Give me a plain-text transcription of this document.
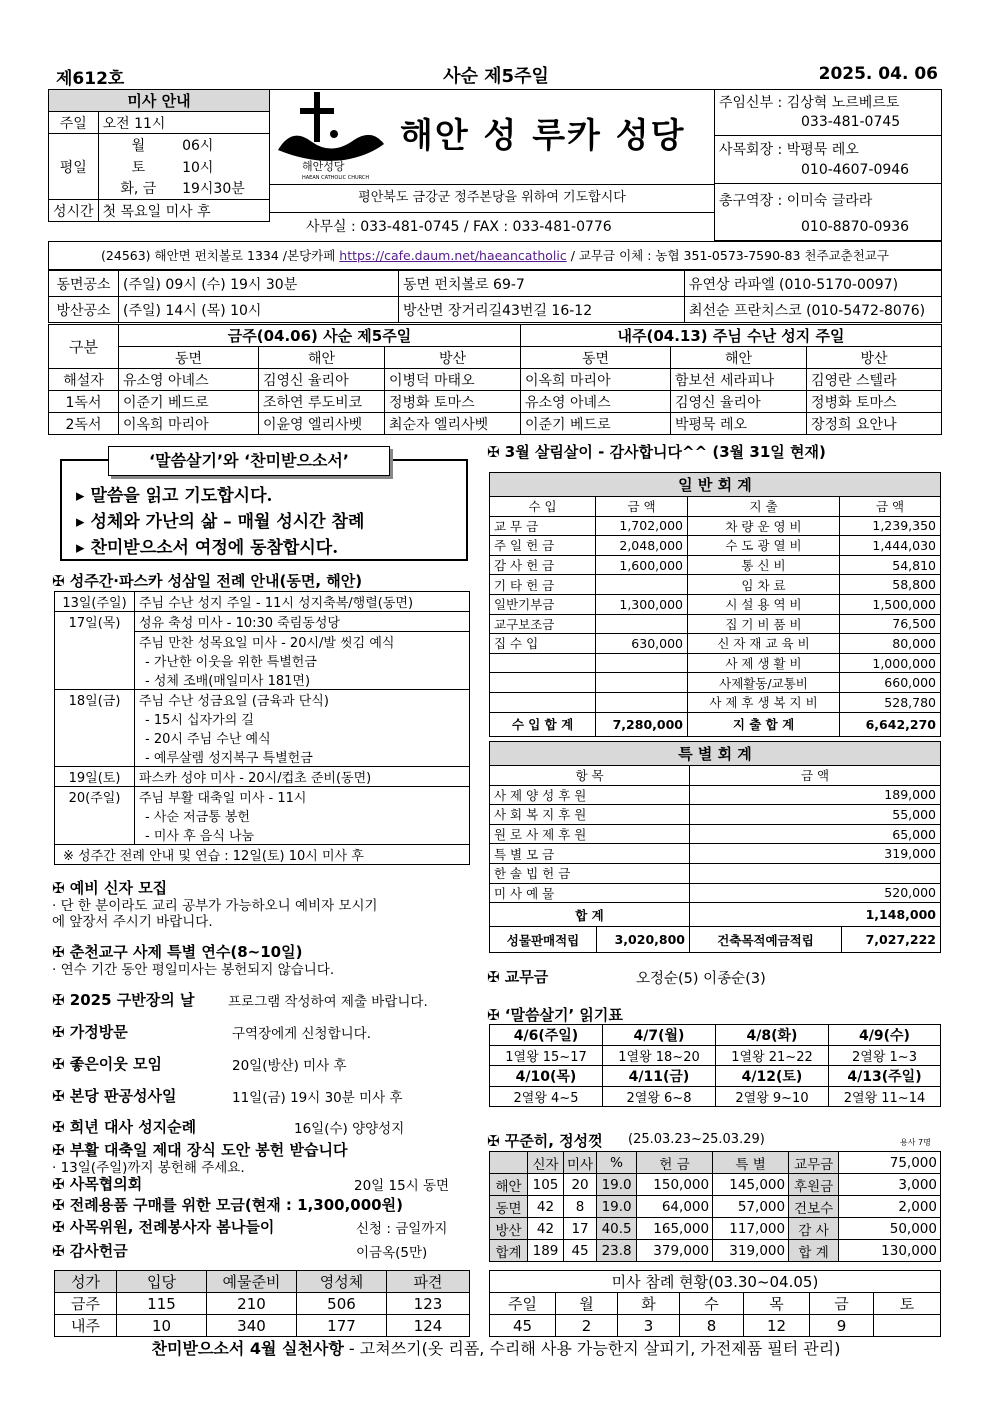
제612호	사순 제5주일	2025. 04. 06
미사 안내		
주일	오전 11시	
평일	월	06시
	토	10시
	화, 금	19시30분
성시간	첫 목요일 미사 후	
해안성당
HAEAN CATHOLIC CHURCH
해안 성 루카 성당
평안북도 금강군 정주본당을 위하여 기도합시다
사무실 : 033-481-0745 / FAX : 033-481-0776
주임신부 : 김상혁 노르베르토
033-481-0745
사목회장 : 박평묵 레오
010-4607-0946
총구역장 : 이미숙 글라라
010-8870-0936
(24563) 해안면 펀치볼로 1334 /본당카페 https://cafe.daum.net/haeancatholic / 교무금 이체 : 농협 351-0573-7590-83 천주교춘천교구
동면공소	(주일) 09시 (수) 19시 30분	동면 펀치볼로 69-7	유연상 라파엘 (010-5170-0097)
방산공소	(주일) 14시 (목) 10시	방산면 장거리길43번길 16-12	최선순 프란치스코 (010-5472-8076)
구분	금주(04.06) 사순 제5주일			내주(04.13) 주님 수난 성지 주일		
	동면	해안	방산	동면	해안	방산
해설자	유소영 아녜스	김영신 율리아	이병덕 마태오	이옥희 마리아	함보선 세라피나	김영란 스텔라
1독서	이준기 베드로	조하연 루도비코	정병화 토마스	유소영 아녜스	김영신 율리아	정병화 토마스
2독서	이옥희 마리아	이윤영 엘리사벳	최순자 엘리사벳	이준기 베드로	박평묵 레오	장정희 요안나
▸ 말씀을 읽고 기도합시다.
▸ 성체와 가난의 삶 – 매월 성시간 참례
▸ 찬미받으소서 여정에 동참합시다.
‘말씀살기’와 ‘찬미받으소서’
✠ 성주간·파스카 성삼일 전례 안내(동면, 해안)
13일(주일)	주님 수난 성지 주일 - 11시 성지축복/행렬(동면)
17일(목)	성유 축성 미사 - 10:30 죽림동성당
	주님 만찬 성목요일 미사 - 20시/발 씻김 예식
	- 가난한 이웃을 위한 특별헌금
	- 성체 조배(매일미사 181면)
18일(금)	주님 수난 성금요일 (금육과 단식)
	- 15시 십자가의 길
	- 20시 주님 수난 예식
	- 예루살렘 성지복구 특별헌금
19일(토)	파스카 성야 미사 - 20시/컵초 준비(동면)
20(주일)	주님 부활 대축일 미사 - 11시
	- 사순 저금통 봉헌
	- 미사 후 음식 나눔
※ 성주간 전례 안내 및 연습 : 12일(토) 10시 미사 후	
✠ 예비 신자 모집
· 단 한 분이라도 교리 공부가 가능하오니 예비자 모시기
에 앞장서 주시기 바랍니다.
✠ 춘천교구 사제 특별 연수(8~10일)
· 연수 기간 동안 평일미사는 봉헌되지 않습니다.
✠ 2025 구반장의 날 프로그램 작성하여 제출 바랍니다.
✠ 가정방문	구역장에게 신청합니다.
✠ 좋은이웃 모임	20일(방산) 미사 후
✠ 본당 판공성사일	11일(금) 19시 30분 미사 후
✠ 희년 대사 성지순례	16일(수) 양양성지
✠ 부활 대축일 제대 장식 도안 봉헌 받습니다
· 13일(주일)까지 봉헌해 주세요.
✠ 사목협의회	20일 15시 동면
✠ 전례용품 구매를 위한 모금(현재 : 1,300,000원)
✠ 사목위원, 전례봉사자 봄나들이	신청 : 금일까지
✠ 감사헌금	이금옥(5만)
✠ 3월 살림살이 - 감사합니다^^ (3월 31일 현재)
일 반 회 계			
수 입	금 액	지 출	금 액
교 무 금	1,702,000	차 량 운 영 비	1,239,350
주 일 헌 금	2,048,000	수 도 광 열 비	1,444,030
감 사 헌 금	1,600,000	통 신 비	54,810
기 타 헌 금		임 차 료	58,800
일반기부금	1,300,000	시 설 용 역 비	1,500,000
교구보조금		집 기 비 품 비	76,500
집 수 입	630,000	신 자 재 교 육 비	80,000
		사 제 생 활 비	1,000,000
		사제활동/교통비	660,000
		사 제 후 생 복 지 비	528,780
수 입 합 계	7,280,000	지 출 합 계	6,642,270
특 별 회 계			
항 목		금 액	
사 제 양 성 후 원		189,000	
사 회 복 지 후 원		55,000	
원 로 사 제 후 원		65,000	
특 별 모 금		319,000	
한 솔 빕 헌 금			
미 사 예 물		520,000	
합 계		1,148,000	
성물판매적립	3,020,800	건축목적예금적립	7,027,222
✠ 교무금	오정순(5) 이종순(3)
✠ ‘말씀살기’ 읽기표
4/6(주일)	4/7(월)	4/8(화)	4/9(수)
1열왕 15~17	1열왕 18~20	1열왕 21~22	2열왕 1~3
4/10(목)	4/11(금)	4/12(토)	4/13(주일)
2열왕 4~5	2열왕 6~8	2열왕 9~10	2열왕 11~14
✠ 꾸준히, 정성껏 (25.03.23~25.03.29)	용사 7명
	신자	미사	%	헌 금	특 별	교무금	75,000
해안	105	20	19.0	150,000	145,000	후원금	3,000
동면	42	8	19.0	64,000	57,000	건보수	2,000
방산	42	17	40.5	165,000	117,000	감 사	50,000
합계	189	45	23.8	379,000	319,000	합 계	130,000
성가	입당	예물준비	영성체	파견
금주	115	210	506	123
내주	10	340	177	124
미사 참례 현황(03.30~04.05)						
주일	월	화	수	목	금	토
45	2	3	8	12	9	
찬미받으소서 4월 실천사항 - 고쳐쓰기(옷 리폼, 수리해 사용 가능한지 살피기, 가전제품 필터 관리)
